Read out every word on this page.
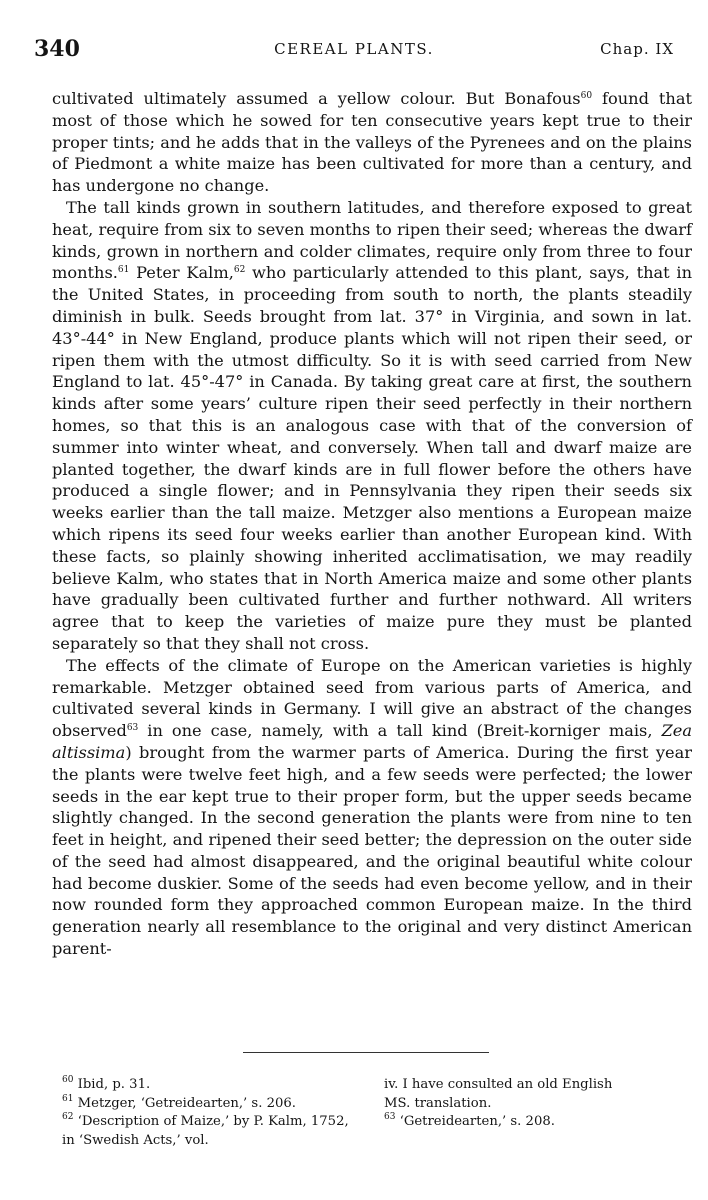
340	CEREAL PLANTS.	Chap. IX

cultivated ultimately assumed a yellow colour. But Bonafous$^{60}$ found that most of those which he sowed for ten consecutive years kept true to their proper tints; and he adds that in the valleys of the Pyrenees and on the plains of Piedmont a white maize has been cultivated for more than a century, and has undergone no change.

The tall kinds grown in southern latitudes, and therefore exposed to great heat, require from six to seven months to ripen their seed; whereas the dwarf kinds, grown in northern and colder climates, require only from three to four months.$^{61}$ Peter Kalm,$^{62}$ who particularly attended to this plant, says, that in the United States, in proceeding from south to north, the plants steadily diminish in bulk. Seeds brought from lat. 37° in Virginia, and sown in lat. 43°-44° in New England, produce plants which will not ripen their seed, or ripen them with the utmost difficulty. So it is with seed carried from New England to lat. 45°-47° in Canada. By taking great care at first, the southern kinds after some years’ culture ripen their seed perfectly in their northern homes, so that this is an analogous case with that of the conversion of summer into winter wheat, and conversely. When tall and dwarf maize are planted together, the dwarf kinds are in full flower before the others have produced a single flower; and in Pennsylvania they ripen their seeds six weeks earlier than the tall maize. Metzger also mentions a European maize which ripens its seed four weeks earlier than another European kind. With these facts, so plainly showing inherited acclimatisation, we may readily believe Kalm, who states that in North America maize and some other plants have gradually been cultivated further and further nothward. All writers agree that to keep the varieties of maize pure they must be planted separately so that they shall not cross.

The effects of the climate of Europe on the American varieties is highly remarkable. Metzger obtained seed from various parts of America, and cultivated several kinds in Germany. I will give an abstract of the changes observed$^{63}$ in one case, namely, with a tall kind (Breit-korniger mais, Zea altissima) brought from the warmer parts of America. During the first year the plants were twelve feet high, and a few seeds were perfected; the lower seeds in the ear kept true to their proper form, but the upper seeds became slightly changed. In the second generation the plants were from nine to ten feet in height, and ripened their seed better; the depression on the outer side of the seed had almost disappeared, and the original beautiful white colour had become duskier. Some of the seeds had even become yellow, and in their now rounded form they approached common European maize. In the third generation nearly all resemblance to the original and very distinct American parent-

$^{60}$ Ibid, p. 31.

$^{61}$ Metzger, ‘Getreidearten,’ s. 206.

$^{62}$ ‘Description of Maize,’ by P. Kalm, 1752, in ‘Swedish Acts,’ vol.

iv. I have consulted an old English MS. translation.

$^{63}$ ‘Getreidearten,’ s. 208.
